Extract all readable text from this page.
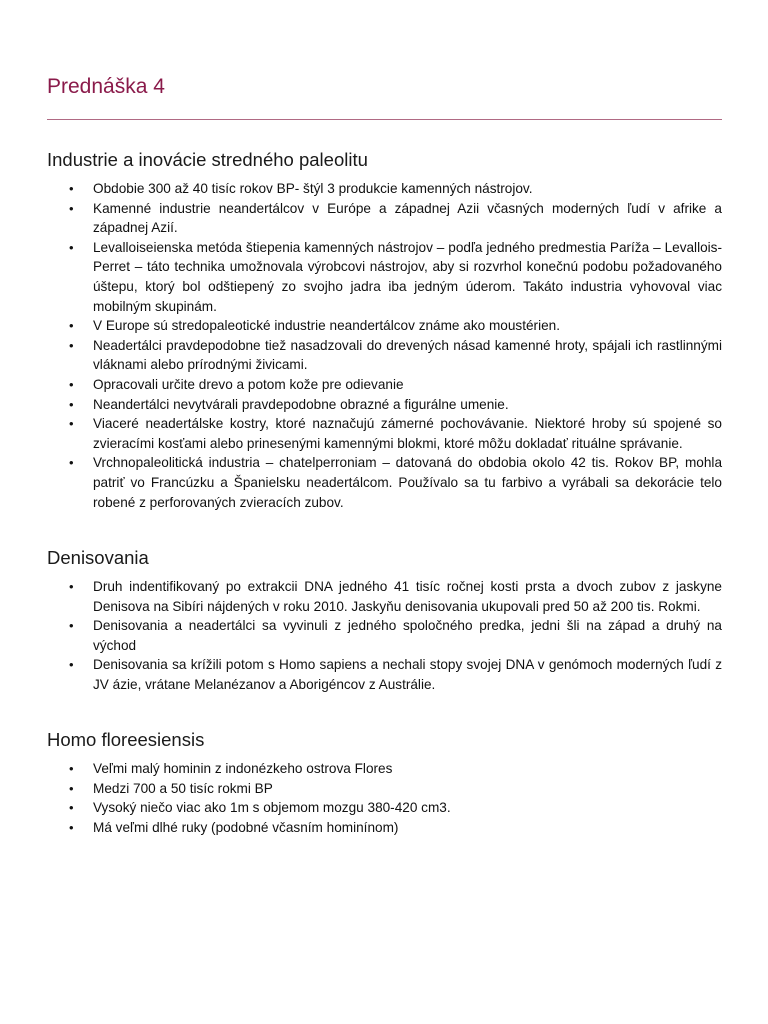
Prednáška 4
Industrie a inovácie stredného paleolitu
• Obdobie 300 až 40 tisíc rokov BP- štýl 3 produkcie kamenných nástrojov.
• Kamenné industrie neandertálcov v Európe a západnej Azii včasných moderných ľudí v afrike a západnej Azií.
• Levalloiseienska metóda štiepenia kamenných nástrojov – podľa jedného predmestia Paríža – Levallois- Perret – táto technika umožnovala výrobcovi nástrojov, aby si rozvrhol konečnú podobu požadovaného úštepu, ktorý bol odštiepený zo svojho jadra iba jedným úderom. Takáto industria vyhovoval viac mobilným skupinám.
• V Europe sú stredopaleotické industrie neandertálcov známe ako moustérien.
• Neadertálci pravdepodobne tiež nasadzovali do drevených násad kamenné hroty, spájali ich rastlinnými vláknami alebo prírodnými živicami.
• Opracovali určite drevo a potom kože pre odievanie
• Neandertálci nevytvárali pravdepodobne obrazné a figurálne umenie.
• Viaceré neadertálske kostry, ktoré naznačujú zámerné pochovávanie. Niektoré hroby sú spojené so zvieracími kosťami alebo prinesenými kamennými blokmi, ktoré môžu dokladať rituálne správanie.
• Vrchnopaleolitická industria – chatelperroniam – datovaná do obdobia okolo 42 tis. Rokov BP, mohla patriť vo Francúzku a Španielsku neadertálcom. Používalo sa tu farbivo a vyrábali sa dekorácie telo robené z perforovaných zvieracích zubov.
Denisovania
• Druh indentifikovaný po extrakcii DNA jedného 41 tisíc ročnej kosti prsta a dvoch zubov z jaskyne Denisova na Sibíri nájdených v roku 2010. Jaskyňu denisovania ukupovali pred 50 až 200 tis. Rokmi.
• Denisovania a neadertálci sa vyvinuli z jedného spoločného predka, jedni šli na západ a druhý na východ
• Denisovania sa krížili potom s Homo sapiens a nechali stopy svojej DNA v genómoch moderných ľudí z JV ázie, vrátane Melanézanov a Aborigéncov z Austrálie.
Homo floreesiensis
• Veľmi malý hominin z indonézkeho ostrova Flores
• Medzi 700 a 50 tisíc rokmi BP
• Vysoký niečo viac ako 1m s objemom mozgu 380-420 cm3.
• Má veľmi dlhé ruky (podobné včasním hominínom)
